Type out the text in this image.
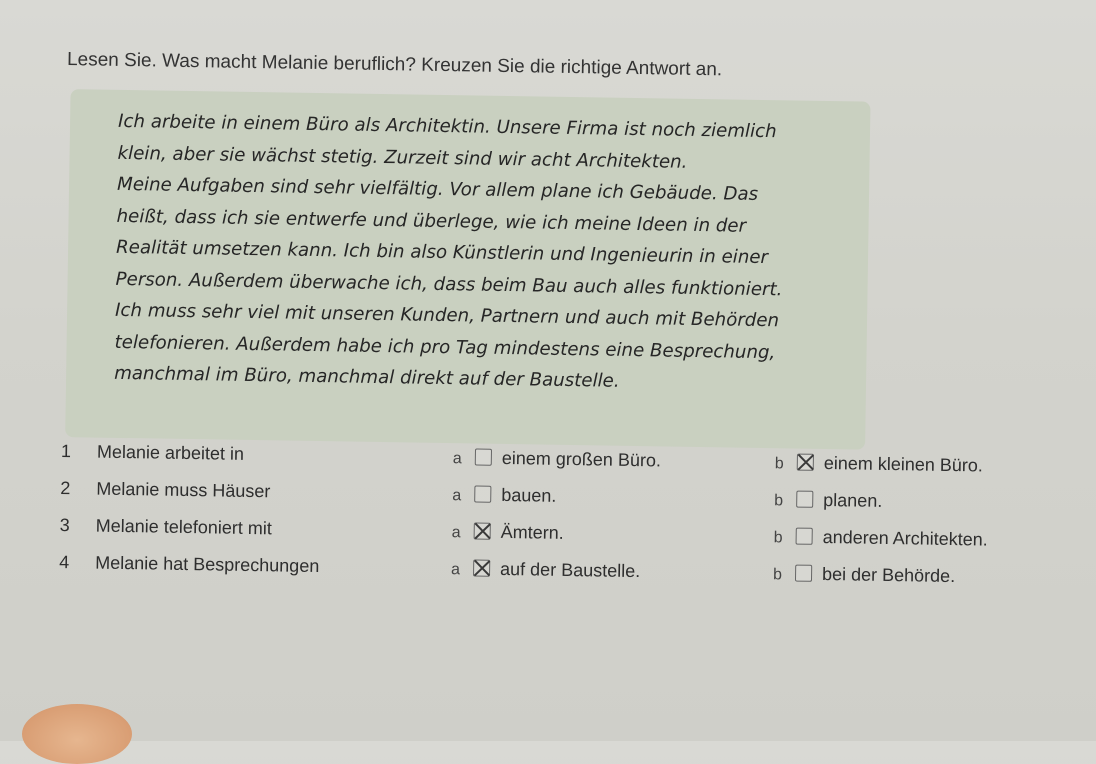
Lesen Sie. Was macht Melanie beruflich? Kreuzen Sie die richtige Antwort an.

Ich arbeite in einem Büro als Architektin. Unsere Firma ist noch ziemlich
klein, aber sie wächst stetig. Zurzeit sind wir acht Architekten.
Meine Aufgaben sind sehr vielfältig. Vor allem plane ich Gebäude. Das
heißt, dass ich sie entwerfe und überlege, wie ich meine Ideen in der
Realität umsetzen kann. Ich bin also Künstlerin und Ingenieurin in einer
Person. Außerdem überwache ich, dass beim Bau auch alles funktioniert.
Ich muss sehr viel mit unseren Kunden, Partnern und auch mit Behörden
telefonieren. Außerdem habe ich pro Tag mindestens eine Besprechung,
manchmal im Büro, manchmal direkt auf der Baustelle.

1 Melanie arbeitet in	a einem großen Büro.	b einem kleinen Büro.
2 Melanie muss Häuser	a bauen.	b planen.
3 Melanie telefoniert mit	a Ämtern.	b anderen Architekten.
4 Melanie hat Besprechungen	a auf der Baustelle.	b bei der Behörde.
